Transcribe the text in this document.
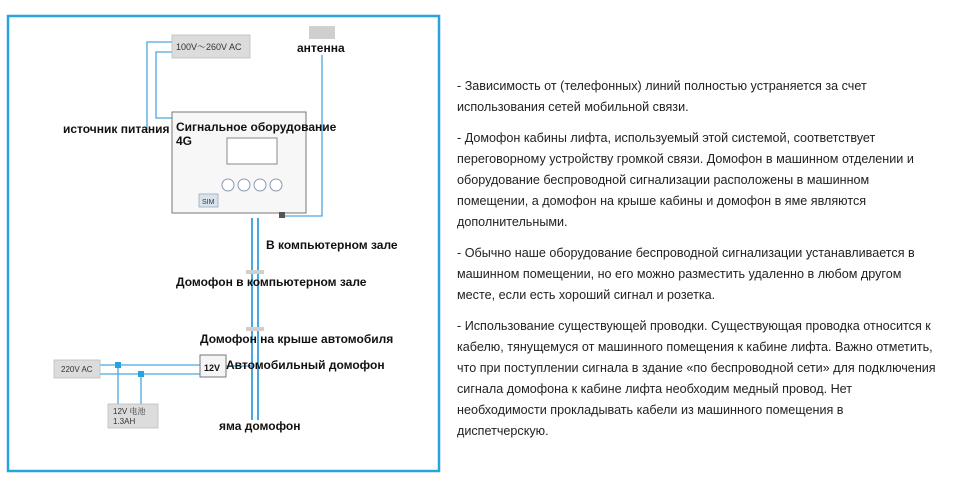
100V～260V AC	антенна
источник питания Сигнальное оборудование
4G
SIM
В компьютерном зале
Домофон в компьютерном зале
Домофон на крыше автомобиля
220V AC	12V Автомобильный домофон
12V 电池
1.3AH	яма домофон

- Зависимость от (телефонных) линий полностью устраняется за счет использования сетей мобильной связи.

- Домофон кабины лифта, используемый этой системой, соответствует переговорному устройству громкой связи. Домофон в машинном отделении и оборудование беспроводной сигнализации расположены в машинном помещении, а домофон на крыше кабины и домофон в яме являются дополнительными.

- Обычно наше оборудование беспроводной сигнализации устанавливается в машинном помещении, но его можно разместить удаленно в любом другом месте, если есть хороший сигнал и розетка.

- Использование существующей проводки. Существующая проводка относится к кабелю, тянущемуся от машинного помещения к кабине лифта. Важно отметить, что при поступлении сигнала в здание «по беспроводной сети» для подключения сигнала домофона к кабине лифта необходим медный провод. Нет необходимости прокладывать кабели из машинного помещения в диспетчерскую.
